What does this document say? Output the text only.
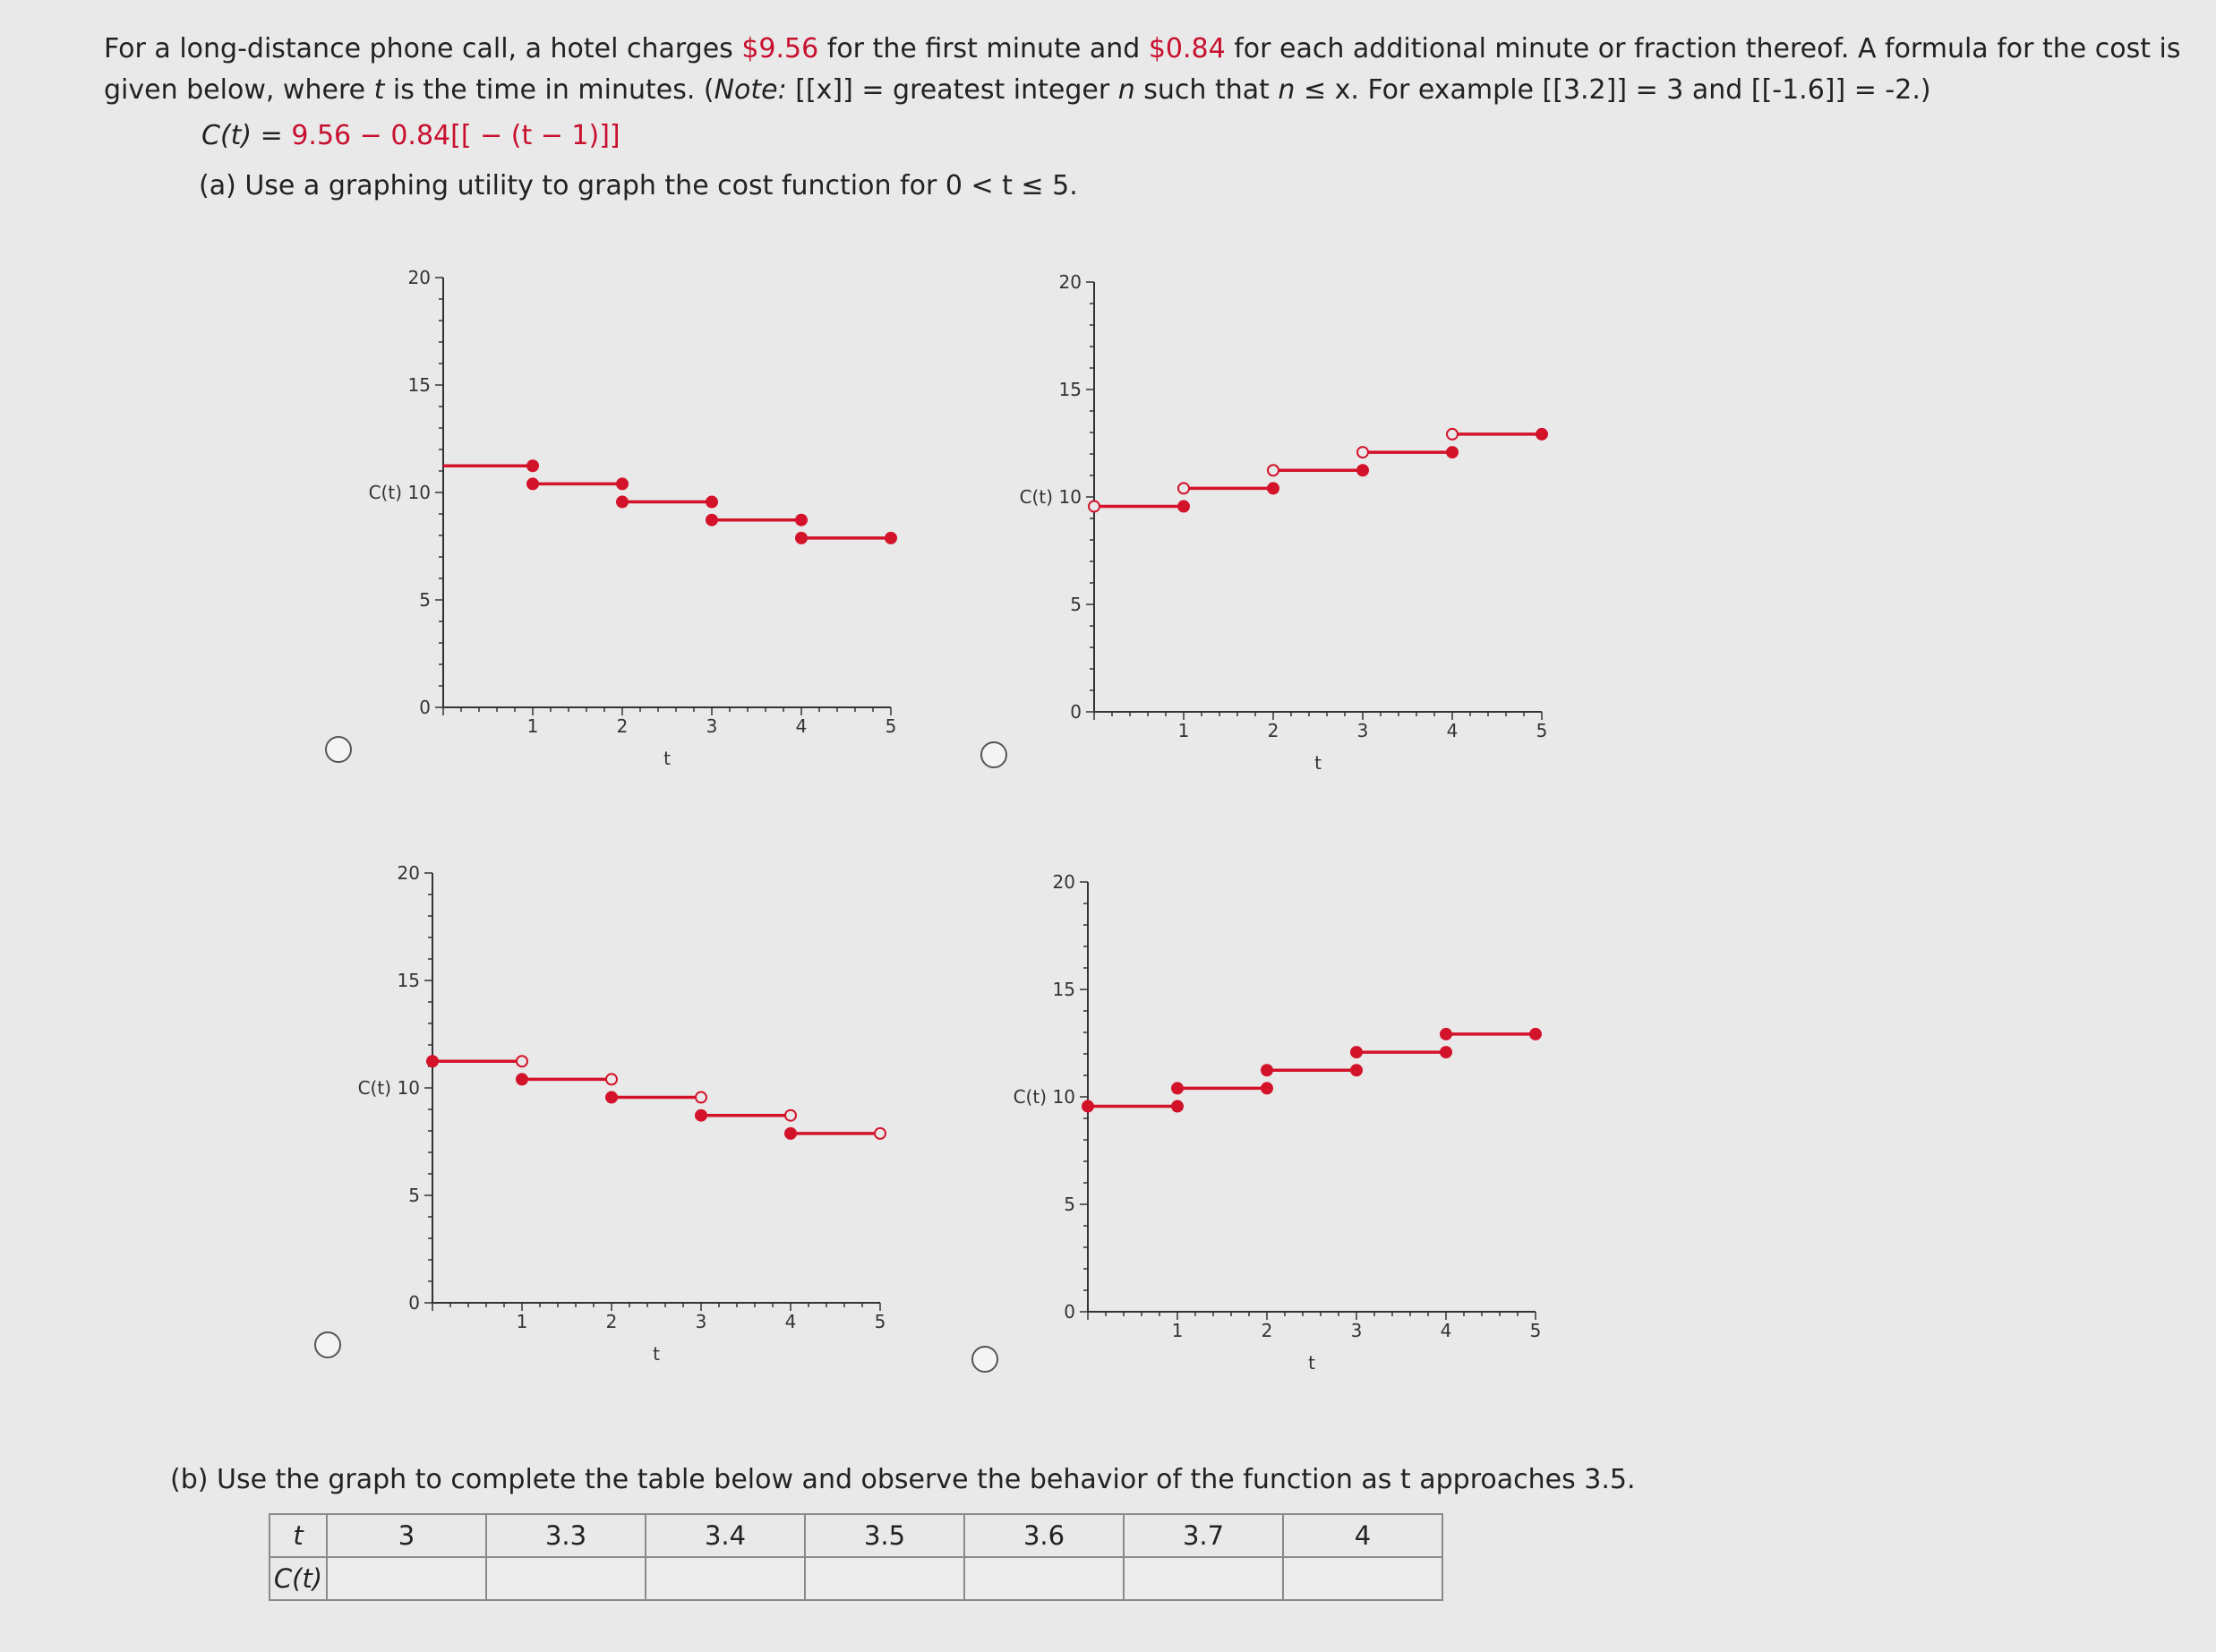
For a long-distance phone call, a hotel charges $9.56 for the first minute and $0.84 for each additional minute or fraction thereof. A formula for the cost is given below, where t is the time in minutes. (Note: [[x]] = greatest integer n such that n ≤ x. For example [[3.2]] = 3 and [[-1.6]] = -2.)
C(t) = 9.56 − 0.84[[ − (t − 1)]]
(a) Use a graphing utility to graph the cost function for 0 < t ≤ 5.
0
5
10
15
20
1	2	3	4	5
C(t)
t
0
5
10
15
20
1	2	3	4	5
C(t)
t
0
5
10
15
20
1	2	3	4	5
C(t)
t
0
5
10
15
20
1	2	3	4	5
C(t)
t
(b) Use the graph to complete the table below and observe the behavior of the function as t approaches 3.5.
t	3	3.3	3.4	3.5	3.6	3.7	4
C(t)							
